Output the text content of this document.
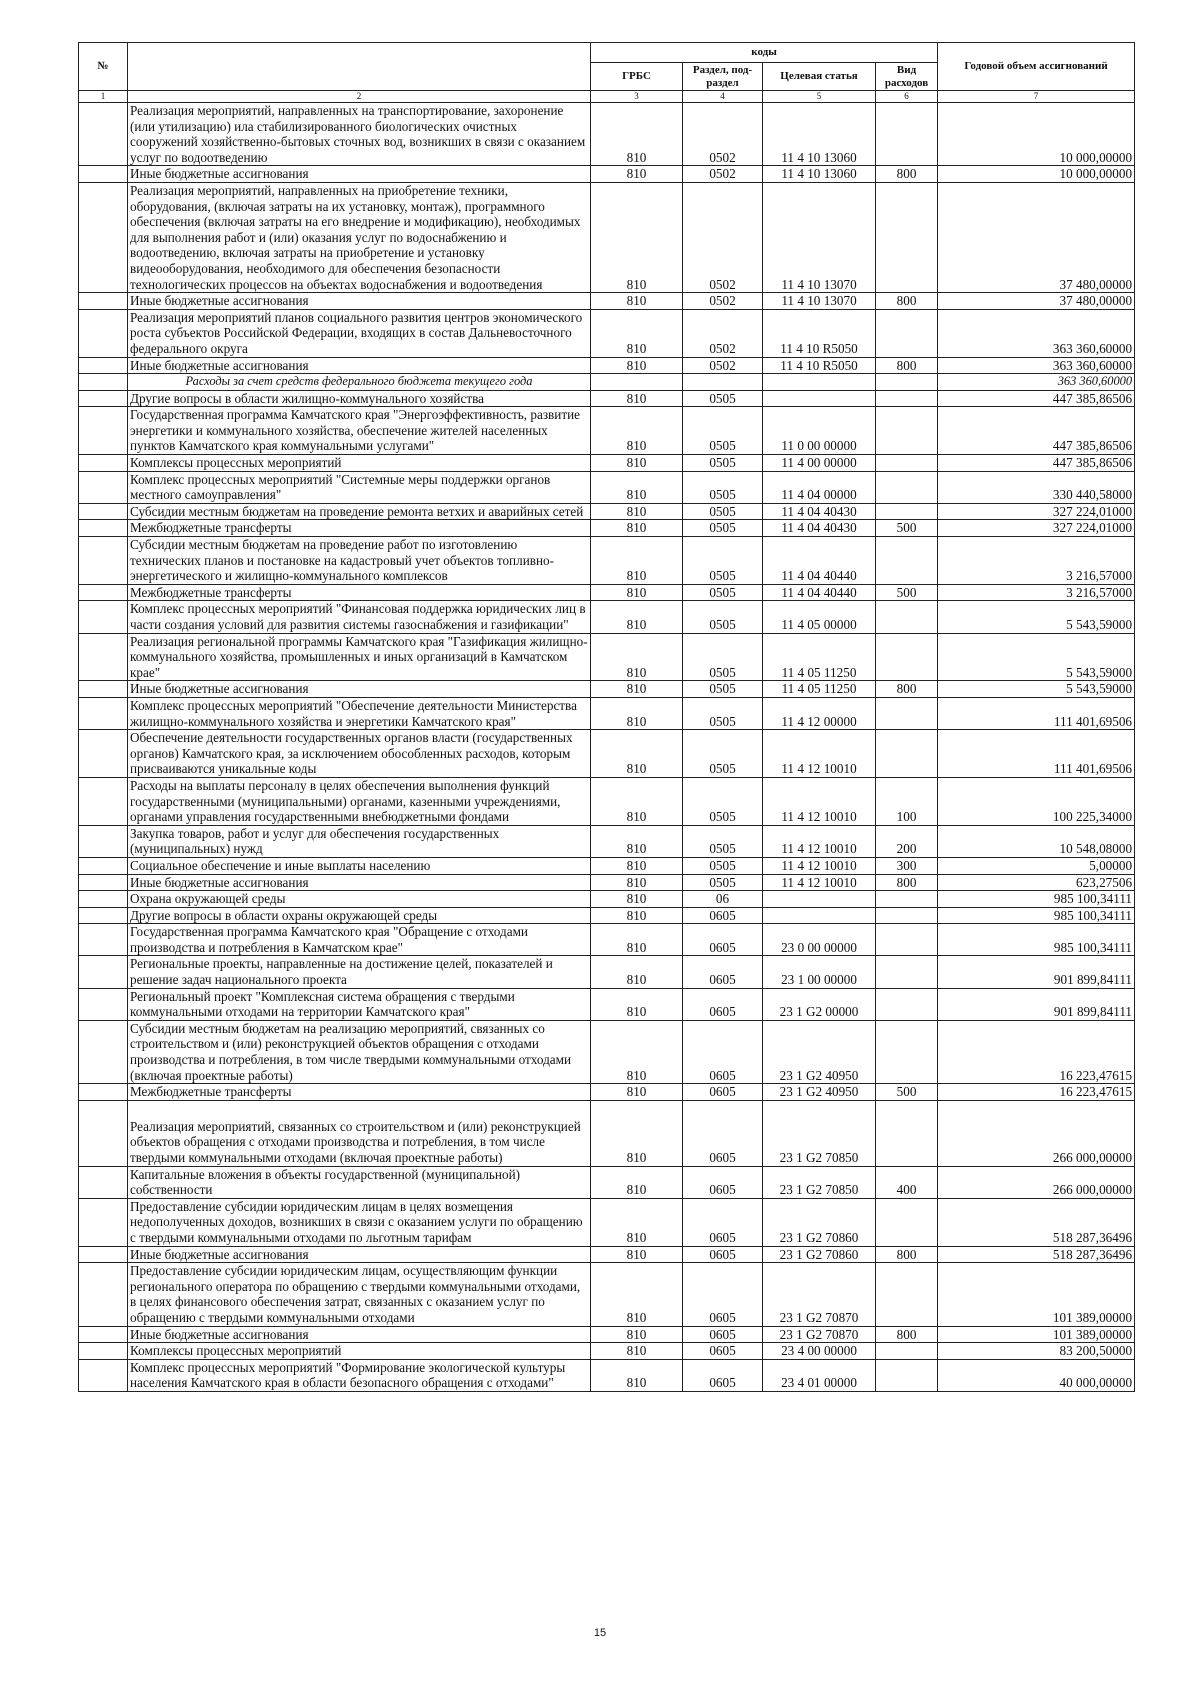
№		коды				Годовой объем ассигнований
		ГРБС	Раздел, под-раздел	Целевая статья	Вид расходов	
1	2	3	4	5	6	7
	Реализация мероприятий, направленных на транспортирование, захоронение (или утилизацию) ила стабилизированного биологических очистных сооружений хозяйственно-бытовых сточных вод, возникших в связи с оказанием услуг по водоотведению	810	0502	11 4 10 13060		10 000,00000
	Иные бюджетные ассигнования	810	0502	11 4 10 13060	800	10 000,00000
	Реализация мероприятий, направленных на приобретение техники, оборудования, (включая затраты на их установку, монтаж), программного обеспечения (включая затраты на его внедрение и модификацию), необходимых для выполнения работ и (или) оказания услуг по водоснабжению и водоотведению, включая затраты на приобретение и установку видеооборудования, необходимого для обеспечения безопасности технологических процессов на объектах водоснабжения и водоотведения	810	0502	11 4 10 13070		37 480,00000
	Иные бюджетные ассигнования	810	0502	11 4 10 13070	800	37 480,00000
	Реализация мероприятий планов социального развития центров экономического роста субъектов Российской Федерации, входящих в состав Дальневосточного федерального округа	810	0502	11 4 10 R5050		363 360,60000
	Иные бюджетные ассигнования	810	0502	11 4 10 R5050	800	363 360,60000
	Расходы за счет средств федерального бюджета текущего года					363 360,60000
	Другие вопросы в области жилищно-коммунального хозяйства	810	0505			447 385,86506
	Государственная программа Камчатского края "Энергоэффективность, развитие энергетики и коммунального хозяйства, обеспечение жителей населенных пунктов Камчатского края коммунальными услугами"	810	0505	11 0 00 00000		447 385,86506
	Комплексы процессных мероприятий	810	0505	11 4 00 00000		447 385,86506
	Комплекс процессных мероприятий "Системные меры поддержки органов местного самоуправления"	810	0505	11 4 04 00000		330 440,58000
	Субсидии местным бюджетам на проведение ремонта ветхих и аварийных сетей	810	0505	11 4 04 40430		327 224,01000
	Межбюджетные трансферты	810	0505	11 4 04 40430	500	327 224,01000
	Субсидии местным бюджетам на проведение работ по изготовлению технических планов и постановке на кадастровый учет объектов топливно-энергетического и жилищно-коммунального комплексов	810	0505	11 4 04 40440		3 216,57000
	Межбюджетные трансферты	810	0505	11 4 04 40440	500	3 216,57000
	Комплекс процессных мероприятий "Финансовая поддержка юридических лиц в части создания условий для развития системы газоснабжения и газификации"	810	0505	11 4 05 00000		5 543,59000
	Реализация региональной программы Камчатского края "Газификация жилищно-коммунального хозяйства, промышленных и иных организаций в Камчатском крае"	810	0505	11 4 05 11250		5 543,59000
	Иные бюджетные ассигнования	810	0505	11 4 05 11250	800	5 543,59000
	Комплекс процессных мероприятий "Обеспечение деятельности Министерства жилищно-коммунального хозяйства и энергетики Камчатского края"	810	0505	11 4 12 00000		111 401,69506
	Обеспечение деятельности государственных органов власти (государственных органов) Камчатского края, за исключением обособленных расходов, которым присваиваются уникальные коды	810	0505	11 4 12 10010		111 401,69506
	Расходы на выплаты персоналу в целях обеспечения выполнения функций государственными (муниципальными) органами, казенными учреждениями, органами управления государственными внебюджетными фондами	810	0505	11 4 12 10010	100	100 225,34000
	Закупка товаров, работ и услуг для обеспечения государственных (муниципальных) нужд	810	0505	11 4 12 10010	200	10 548,08000
	Социальное обеспечение и иные выплаты населению	810	0505	11 4 12 10010	300	5,00000
	Иные бюджетные ассигнования	810	0505	11 4 12 10010	800	623,27506
	Охрана окружающей среды	810	06			985 100,34111
	Другие вопросы в области охраны окружающей среды	810	0605			985 100,34111
	Государственная программа Камчатского края "Обращение с отходами производства и потребления в Камчатском крае"	810	0605	23 0 00 00000		985 100,34111
	Региональные проекты, направленные на достижение целей, показателей и решение задач национального проекта	810	0605	23 1 00 00000		901 899,84111
	Региональный проект "Комплексная система обращения с твердыми коммунальными отходами на территории Камчатского края"	810	0605	23 1 G2 00000		901 899,84111
	Субсидии местным бюджетам на реализацию мероприятий, связанных со строительством и (или) реконструкцией объектов обращения с отходами производства и потребления, в том числе твердыми коммунальными отходами (включая проектные работы)	810	0605	23 1 G2 40950		16 223,47615
	Межбюджетные трансферты	810	0605	23 1 G2 40950	500	16 223,47615
	Реализация мероприятий, связанных со строительством и (или) реконструкцией объектов обращения с отходами производства и потребления, в том числе твердыми коммунальными отходами (включая проектные работы)	810	0605	23 1 G2 70850		266 000,00000
	Капитальные вложения в объекты государственной (муниципальной) собственности	810	0605	23 1 G2 70850	400	266 000,00000
	Предоставление субсидии юридическим лицам в целях возмещения недополученных доходов, возникших в связи с оказанием услуги по обращению с твердыми коммунальными отходами по льготным тарифам	810	0605	23 1 G2 70860		518 287,36496
	Иные бюджетные ассигнования	810	0605	23 1 G2 70860	800	518 287,36496
	Предоставление субсидии юридическим лицам, осуществляющим функции регионального оператора по обращению с твердыми коммунальными отходами, в целях финансового обеспечения затрат, связанных с оказанием услуг по обращению с твердыми коммунальными отходами	810	0605	23 1 G2 70870		101 389,00000
	Иные бюджетные ассигнования	810	0605	23 1 G2 70870	800	101 389,00000
	Комплексы процессных мероприятий	810	0605	23 4 00 00000		83 200,50000
	Комплекс процессных мероприятий "Формирование экологической культуры населения Камчатского края в области безопасного обращения с отходами"	810	0605	23 4 01 00000		40 000,00000
15
